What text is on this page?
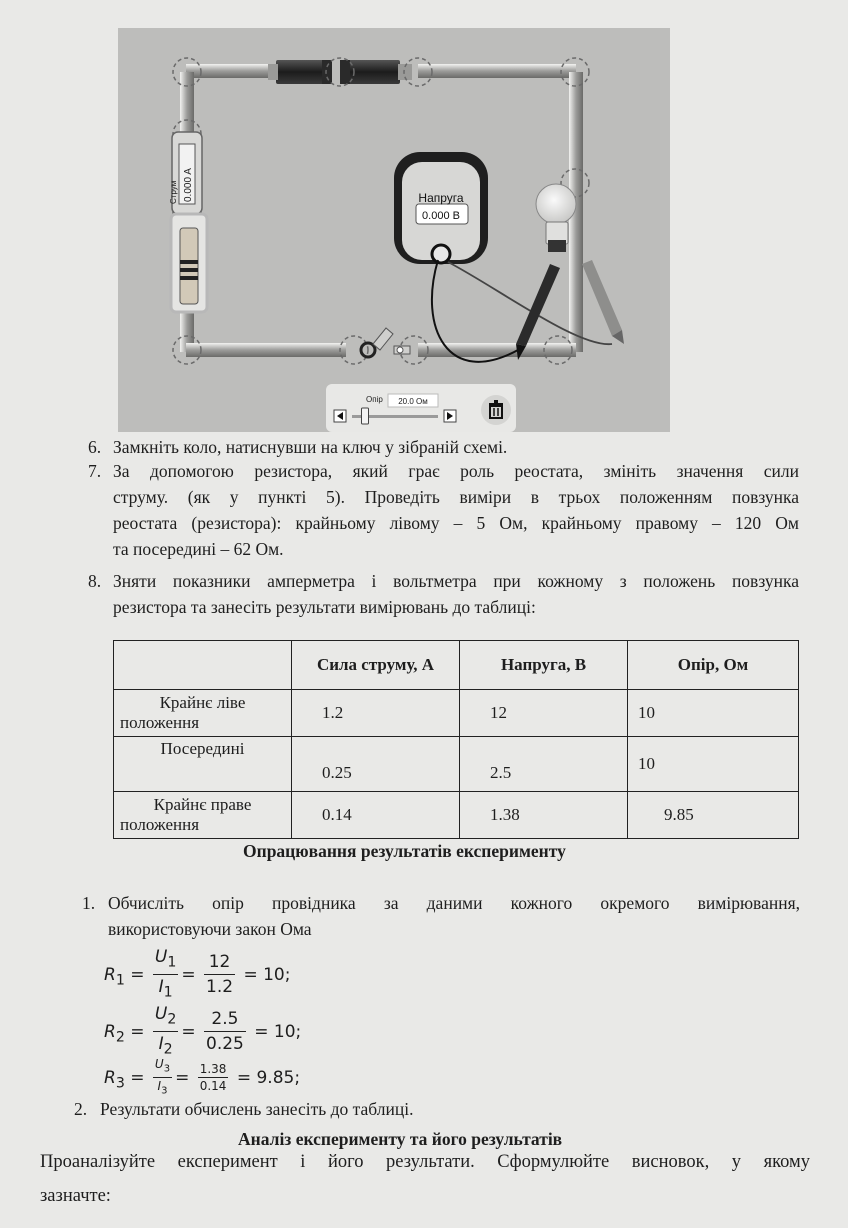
Струм 0.000 A	Напруга
0.000 В
Опір 20.0 Ом
6. Замкніть коло, натиснувши на ключ у зібраній схемі.
7. За допомогою резистора, який грає роль реостата, змініть значення сили
струму. (як у пункті 5). Проведіть виміри в трьох положенням повзунка
реостата (резистора): крайньому лівому – 5 Ом, крайньому правому – 120 Ом
та посередині – 62 Ом.
8. Зняти показники амперметра і вольтметра при кожному з положень повзунка
резистора та занесіть результати вимірювань до таблиці:
	Сила струму, А	Напруга, В	Опір, Ом

Крайнє ліве
положення	1.2	12	10

Посередині	0.25	2.5	10

Крайнє праве
положення	0.14	1.38	9.85
Опрацювання результатів експерименту
1. Обчисліть опір провідника за даними кожного окремого вимірювання,
використовуючи закон Ома
$R_1 = \frac{U_1}{I_1} = \frac{12}{1.2} = 10$;
$R_2 = \frac{U_2}{I_2} = \frac{2.5}{0.25} = 10$;
$R_3 = \frac{U_3}{I_3} = \frac{1.38}{0.14} = 9.85$;
2. Результати обчислень занесіть до таблиці.
Аналіз експерименту та його результатів
Проаналізуйте експеримент і його результати. Сформулюйте висновок, у якому
зазначте:
